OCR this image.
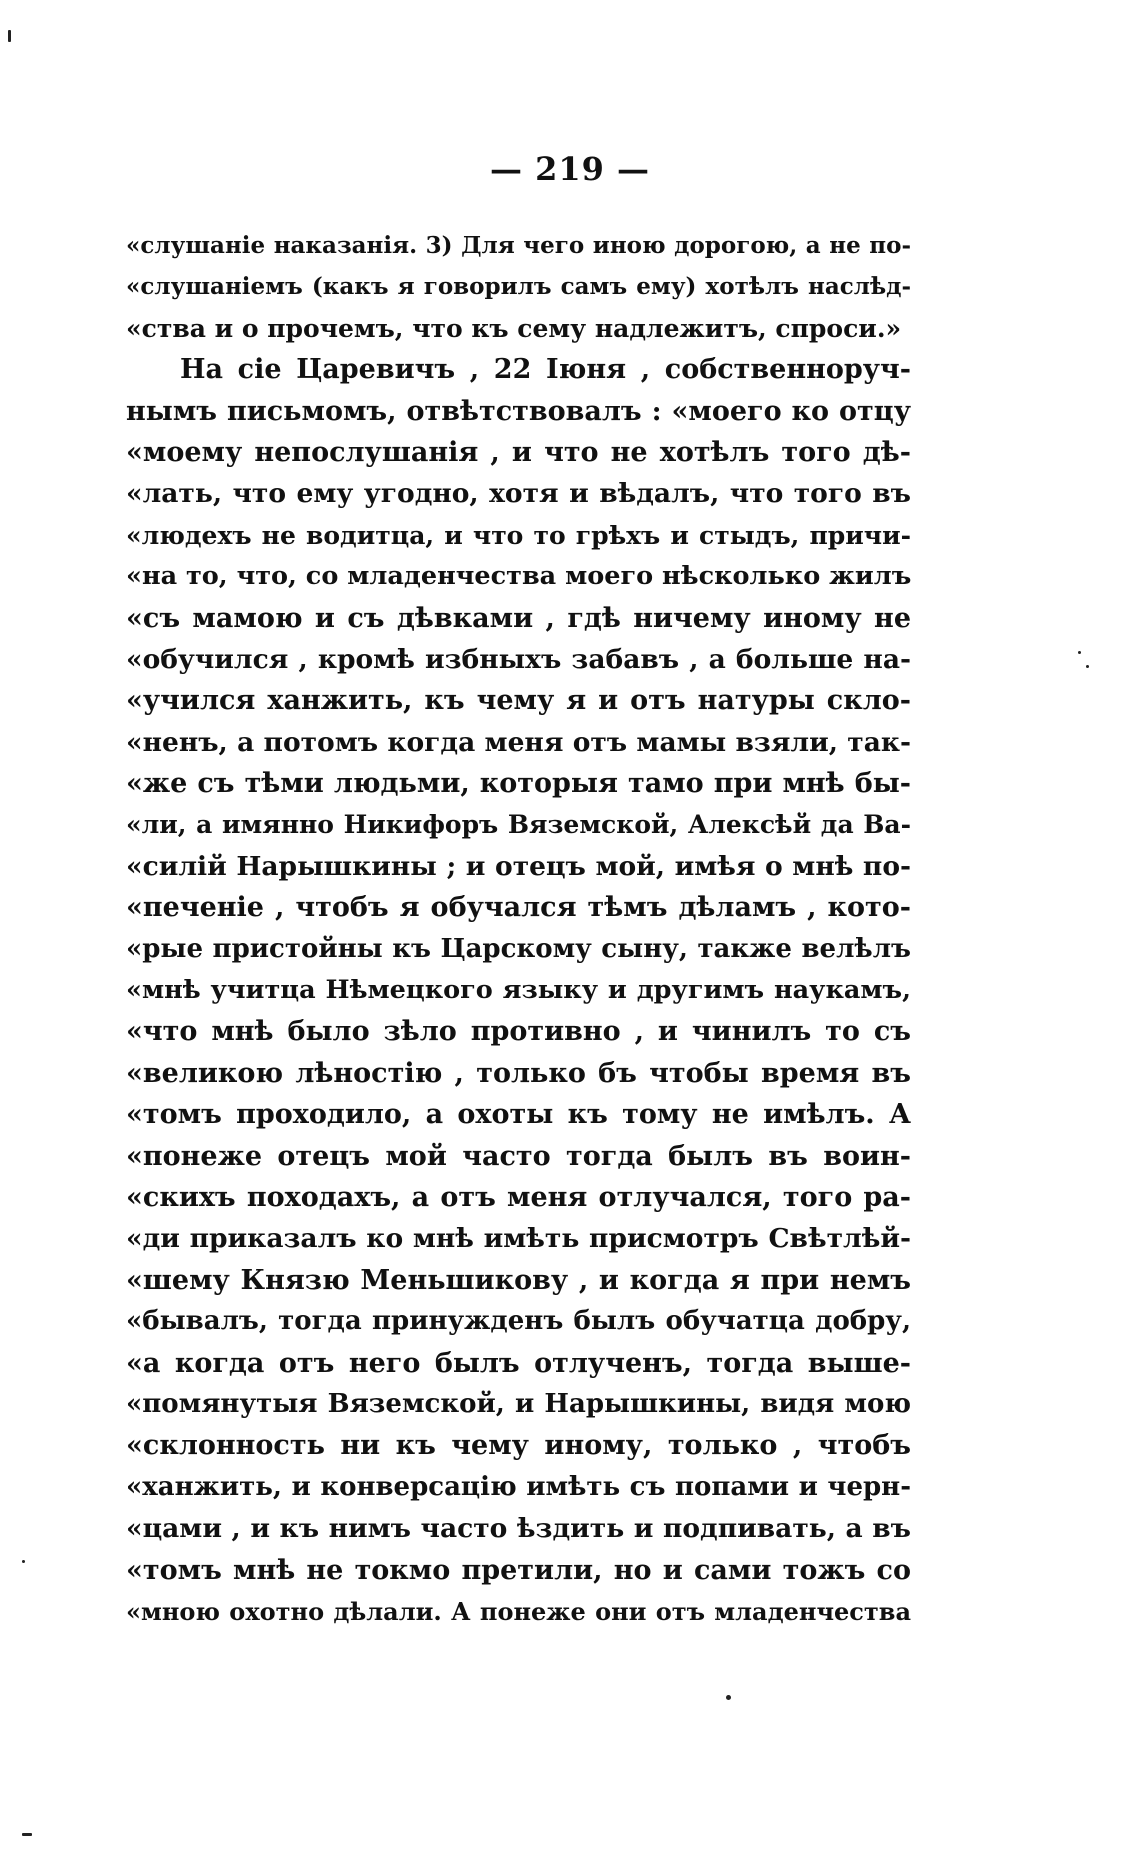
— 219 —
«слушаніе наказанія. 3) Для чего иною дорогою, а не по-
«слушаніемъ (какъ я говорилъ самъ ему) хотѣлъ наслѣд-
«ства и о прочемъ, что къ сему надлежитъ, спроси.»
На сіе Царевичъ , 22 Іюня , собственноруч-
нымъ письмомъ, отвѣтствовалъ : «моего ко отцу
«моему непослушанія , и что не хотѣлъ того дѣ-
«лать, что ему угодно, хотя и вѣдалъ, что того въ
«людехъ не водитца, и что то грѣхъ и стыдъ, причи-
«на то, что, со младенчества моего нѣсколько жилъ
«съ мамою и съ дѣвками , гдѣ ничему иному не
«обучился , кромѣ избныхъ забавъ , а больше на-
«учился ханжить, къ чему я и отъ натуры скло-
«ненъ, а потомъ когда меня отъ мамы взяли, так-
«же съ тѣми людьми, которыя тамо при мнѣ бы-
«ли, а имянно Никифоръ Вяземской, Алексѣй да Ва-
«силій Нарышкины ; и отецъ мой, имѣя о мнѣ по-
«печеніе , чтобъ я обучался тѣмъ дѣламъ , кото-
«рые пристойны къ Царскому сыну, также велѣлъ
«мнѣ учитца Нѣмецкого языку и другимъ наукамъ,
«что мнѣ было зѣло противно , и чинилъ то съ
«великою лѣностію , только бъ чтобы время въ
«томъ проходило, а охоты къ тому не имѣлъ. А
«понеже отецъ мой часто тогда былъ въ воин-
«скихъ походахъ, а отъ меня отлучался, того ра-
«ди приказалъ ко мнѣ имѣть присмотръ Свѣтлѣй-
«шему Князю Меньшикову , и когда я при немъ
«бывалъ, тогда принужденъ былъ обучатца добру,
«а когда отъ него былъ отлученъ, тогда выше-
«помянутыя Вяземской, и Нарышкины, видя мою
«склонность ни къ чему иному, только , чтобъ
«ханжить, и конверсацію имѣть съ попами и черн-
«цами , и къ нимъ часто ѣздить и подпивать, а въ
«томъ мнѣ не токмо претили, но и сами тожъ со
«мною охотно дѣлали. А понеже они отъ младенчества
